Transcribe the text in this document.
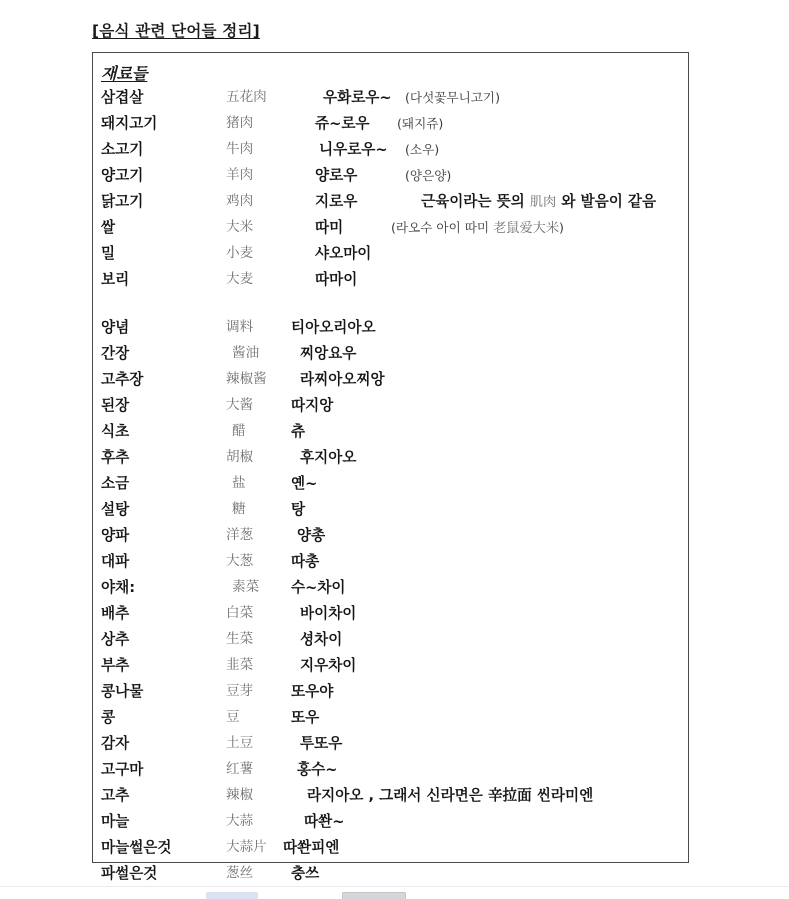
[음식 관련 단어들 정리]
재료들
삼겹살	五花肉	우화로우~ (다섯꽃무니고기)
돼지고기	猪肉	쥬~로우 (돼지쥬)
소고기	牛肉	니우로우~ (소우)
양고기	羊肉	양로우	(양은양)
닭고기	鸡肉	지로우	근육이라는 뜻의 肌肉 와 발음이 같음
쌀	大米	따미	(라오수 아이 따미 老鼠爱大米)
밀	小麦	샤오마이
보리	大麦	따마이
양념	调料	티아오리아오
간장	酱油	찌앙요우
고추장	辣椒酱 라찌아오찌앙
된장	大酱	따지앙
식초	醋	츄
후추	胡椒	후지아오
소금	盐	옌~
설탕	糖	탕
양파	洋葱	양총
대파	大葱	따총
야채:	素菜 수~차이
배추	白菜	바이차이
상추	生菜	셩차이
부추	韭菜	지우차이
콩나물	豆芽	또우야
콩	豆	또우
감자	土豆	투또우
고구마	红薯	홍수~
고추	辣椒	라지아오 , 그래서 신라면은 辛拉面 씬라미엔
마늘	大蒜	따쏸~
마늘썰은것	大蒜片 따쏸피엔
파썰은것	葱丝	충쓰
